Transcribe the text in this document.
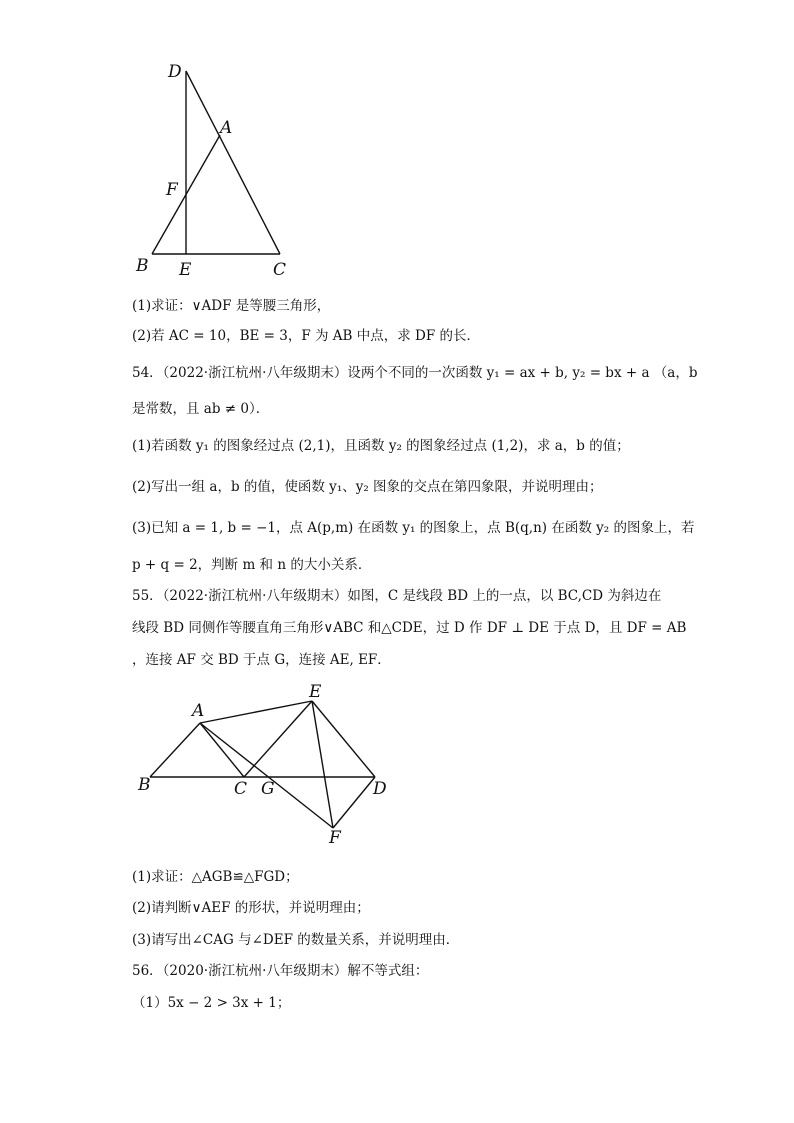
D
A
F
B E	C
(1)求证：∨ADF 是等腰三角形，
(2)若 AC = 10，BE = 3，F 为 AB 中点，求 DF 的长．
54．（2022·浙江杭州·八年级期末）设两个不同的一次函数 y₁ = ax + b, y₂ = bx + a （a，b
是常数，且 ab ≠ 0）．
(1)若函数 y₁ 的图象经过点 (2,1)，且函数 y₂ 的图象经过点 (1,2)，求 a，b 的值；
(2)写出一组 a，b 的值，使函数 y₁、y₂ 图象的交点在第四象限，并说明理由；
(3)已知 a = 1, b = −1，点 A(p,m) 在函数 y₁ 的图象上，点 B(q,n) 在函数 y₂ 的图象上，若
p + q = 2，判断 m 和 n 的大小关系．
55．（2022·浙江杭州·八年级期末）如图，C 是线段 BD 上的一点，以 BC,CD 为斜边在
线段 BD 同侧作等腰直角三角形∨ABC 和△CDE，过 D 作 DF ⊥ DE 于点 D，且 DF = AB
，连接 AF 交 BD 于点 G，连接 AE, EF．
A
E
B	C G	D
F
(1)求证：△AGB≌△FGD；
(2)请判断∨AEF 的形状，并说明理由；
(3)请写出∠CAG 与∠DEF 的数量关系，并说明理由．
56．（2020·浙江杭州·八年级期末）解不等式组：
（1）5x − 2 > 3x + 1；
